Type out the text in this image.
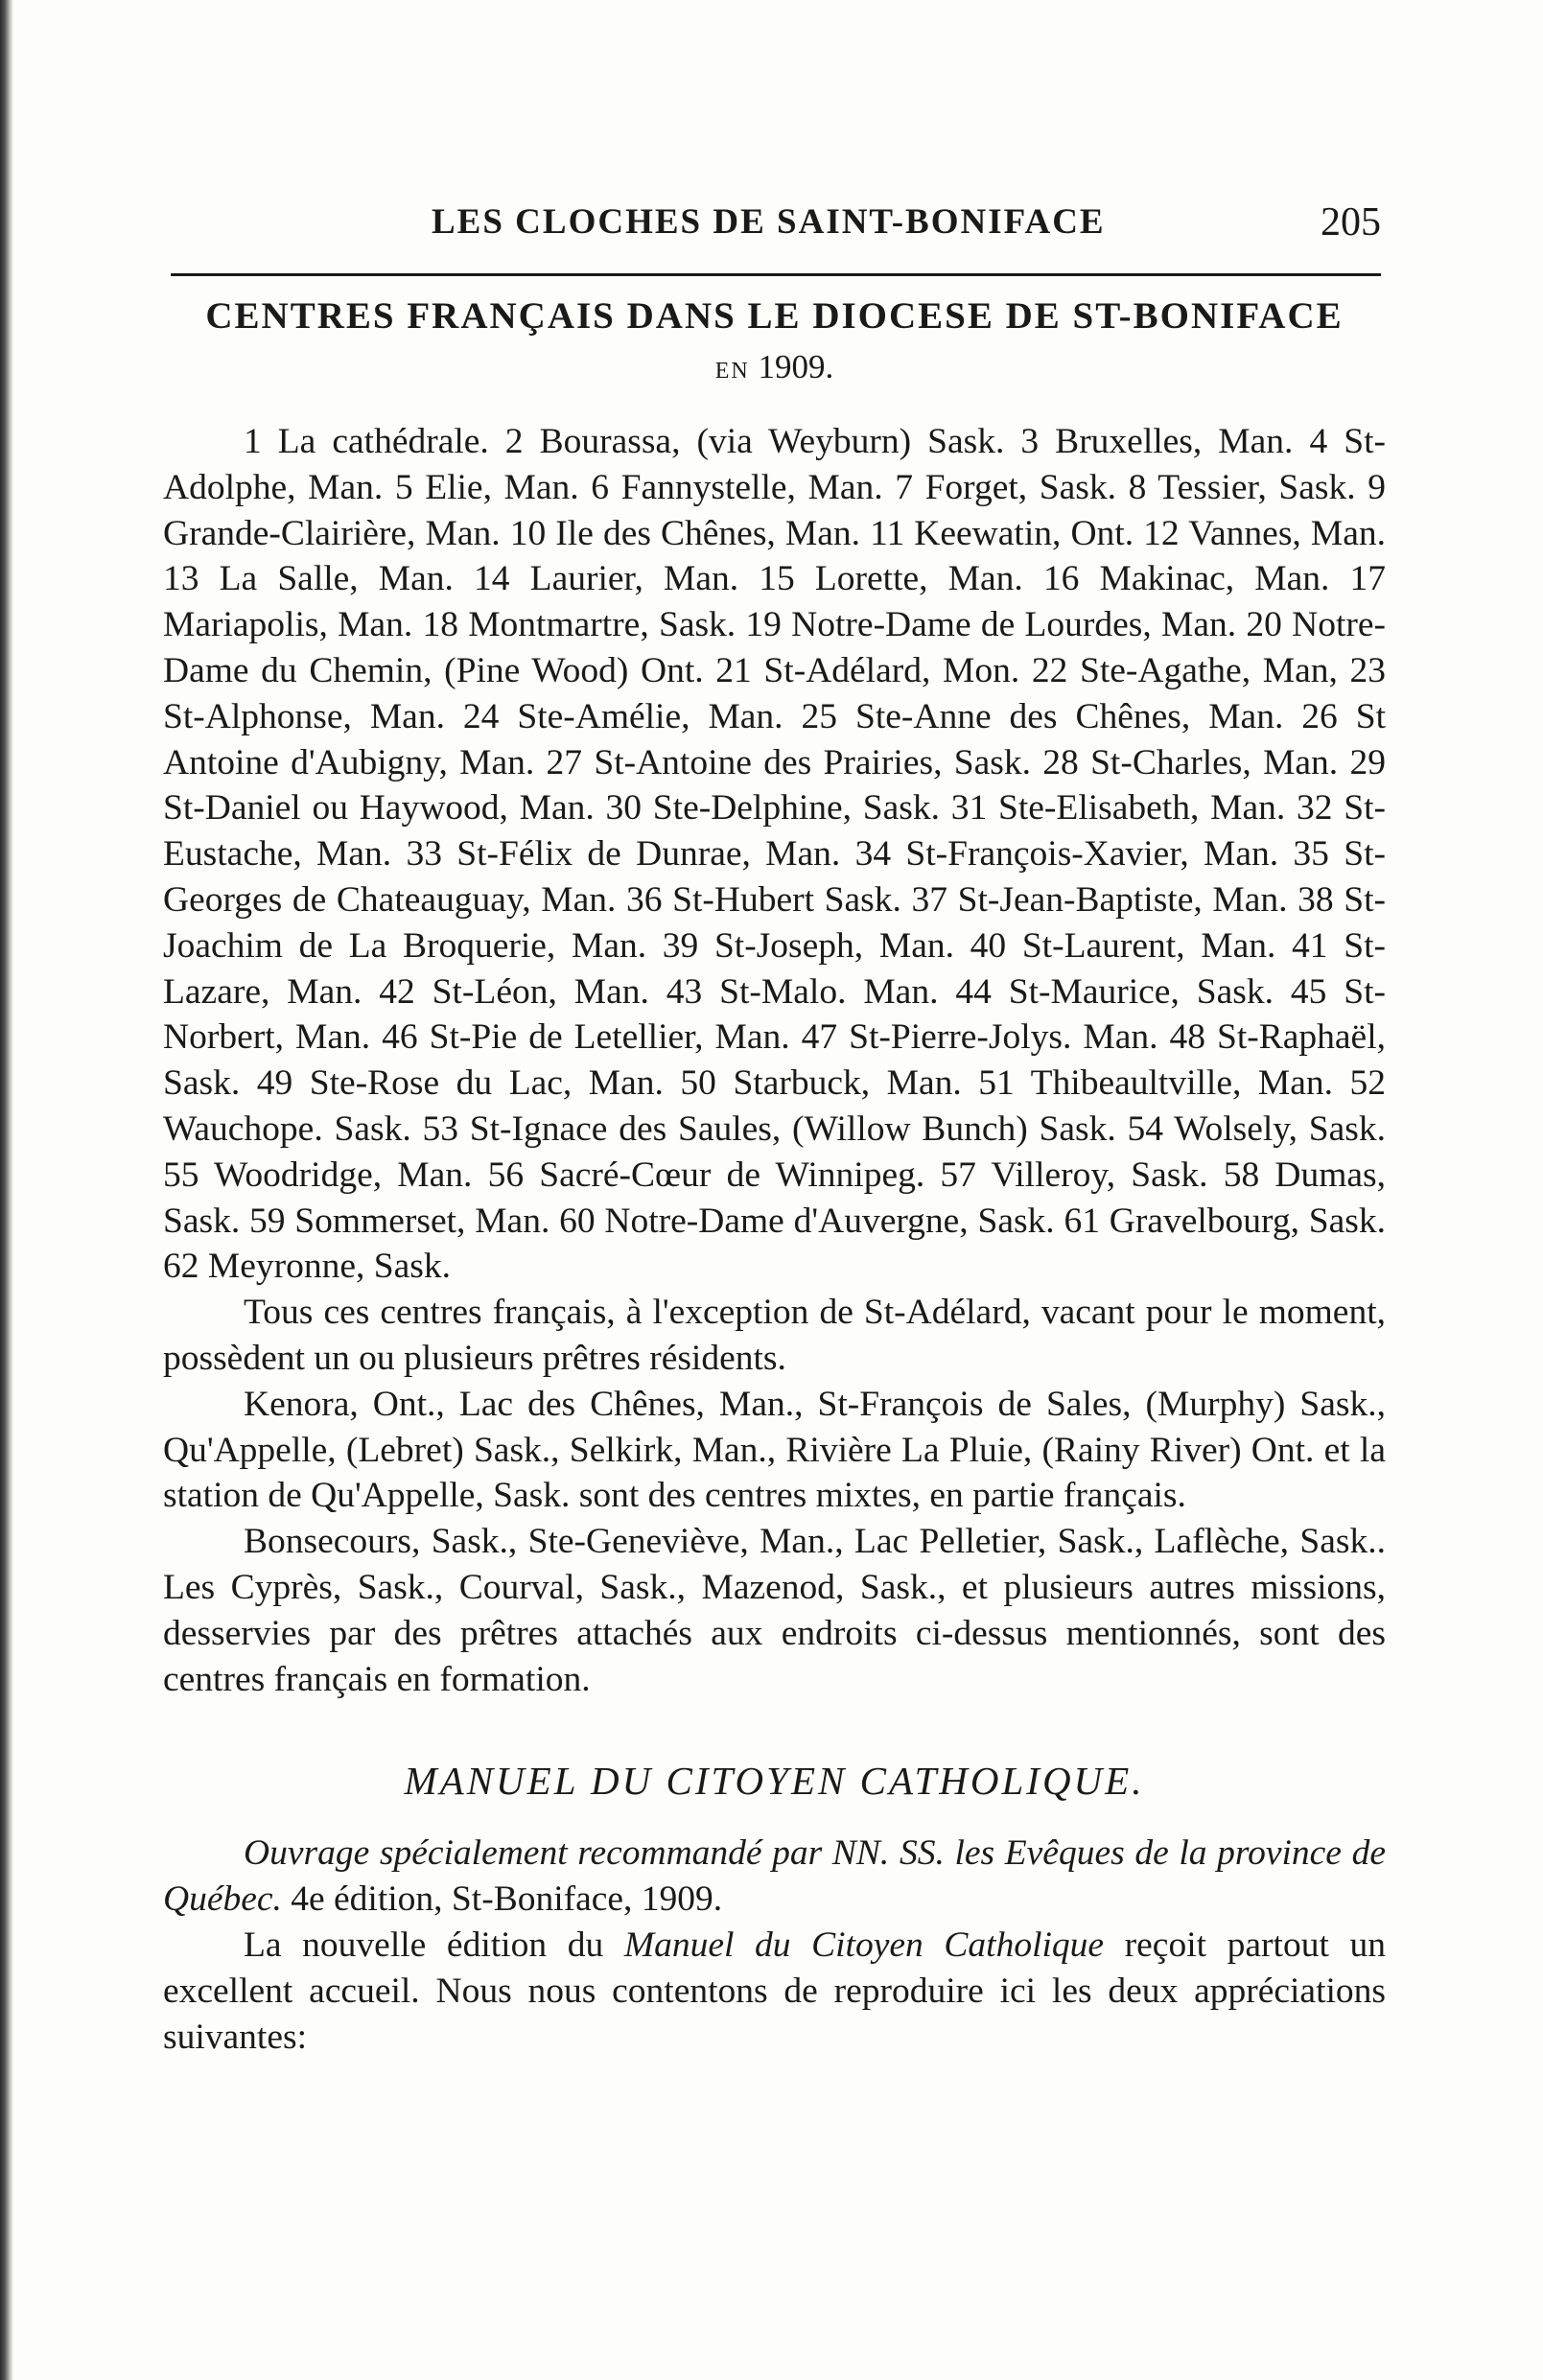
LES CLOCHES DE SAINT-BONIFACE	205
CENTRES FRANÇAIS DANS LE DIOCESE DE ST-BONIFACE
EN 1909.

1 La cathédrale. 2 Bourassa, (via Weyburn) Sask. 3 Bruxelles, Man. 4 St-Adolphe, Man. 5 Elie, Man. 6 Fannystelle, Man. 7 Forget, Sask. 8 Tessier, Sask. 9 Grande-Clairière, Man. 10 Ile des Chênes, Man. 11 Keewatin, Ont. 12 Vannes, Man. 13 La Salle, Man. 14 Laurier, Man. 15 Lorette, Man. 16 Makinac, Man. 17 Mariapolis, Man. 18 Montmartre, Sask. 19 Notre-Dame de Lourdes, Man. 20 Notre-Dame du Chemin, (Pine Wood) Ont. 21 St-Adélard, Mon. 22 Ste-Agathe, Man, 23 St-Alphonse, Man. 24 Ste-Amélie, Man. 25 Ste-Anne des Chênes, Man. 26 St Antoine d'Aubigny, Man. 27 St-Antoine des Prairies, Sask. 28 St-Charles, Man. 29 St-Daniel ou Haywood, Man. 30 Ste-Delphine, Sask. 31 Ste-Elisabeth, Man. 32 St-Eustache, Man. 33 St-Félix de Dunrae, Man. 34 St-François-Xavier, Man. 35 St-Georges de Chateauguay, Man. 36 St-Hubert Sask. 37 St-Jean-Baptiste, Man. 38 St-Joachim de La Broquerie, Man. 39 St-Joseph, Man. 40 St-Laurent, Man. 41 St-Lazare, Man. 42 St-Léon, Man. 43 St-Malo. Man. 44 St-Maurice, Sask. 45 St-Norbert, Man. 46 St-Pie de Letellier, Man. 47 St-Pierre-Jolys. Man. 48 St-Raphaël, Sask. 49 Ste-Rose du Lac, Man. 50 Starbuck, Man. 51 Thibeaultville, Man. 52 Wauchope. Sask. 53 St-Ignace des Saules, (Willow Bunch) Sask. 54 Wolsely, Sask. 55 Woodridge, Man. 56 Sacré-Cœur de Winnipeg. 57 Villeroy, Sask. 58 Dumas, Sask. 59 Sommerset, Man. 60 Notre-Dame d'Auvergne, Sask. 61 Gravelbourg, Sask. 62 Meyronne, Sask.

Tous ces centres français, à l'exception de St-Adélard, vacant pour le moment, possèdent un ou plusieurs prêtres résidents.

Kenora, Ont., Lac des Chênes, Man., St-François de Sales, (Murphy) Sask., Qu'Appelle, (Lebret) Sask., Selkirk, Man., Rivière La Pluie, (Rainy River) Ont. et la station de Qu'Appelle, Sask. sont des centres mixtes, en partie français.

Bonsecours, Sask., Ste-Geneviève, Man., Lac Pelletier, Sask., Laflèche, Sask.. Les Cyprès, Sask., Courval, Sask., Mazenod, Sask., et plusieurs autres missions, desservies par des prêtres attachés aux endroits ci-dessus mentionnés, sont des centres français en formation.

MANUEL DU CITOYEN CATHOLIQUE.

Ouvrage spécialement recommandé par NN. SS. les Evêques de la province de Québec. 4e édition, St-Boniface, 1909.

La nouvelle édition du Manuel du Citoyen Catholique reçoit partout un excellent accueil. Nous nous contentons de reproduire ici les deux appréciations suivantes:
